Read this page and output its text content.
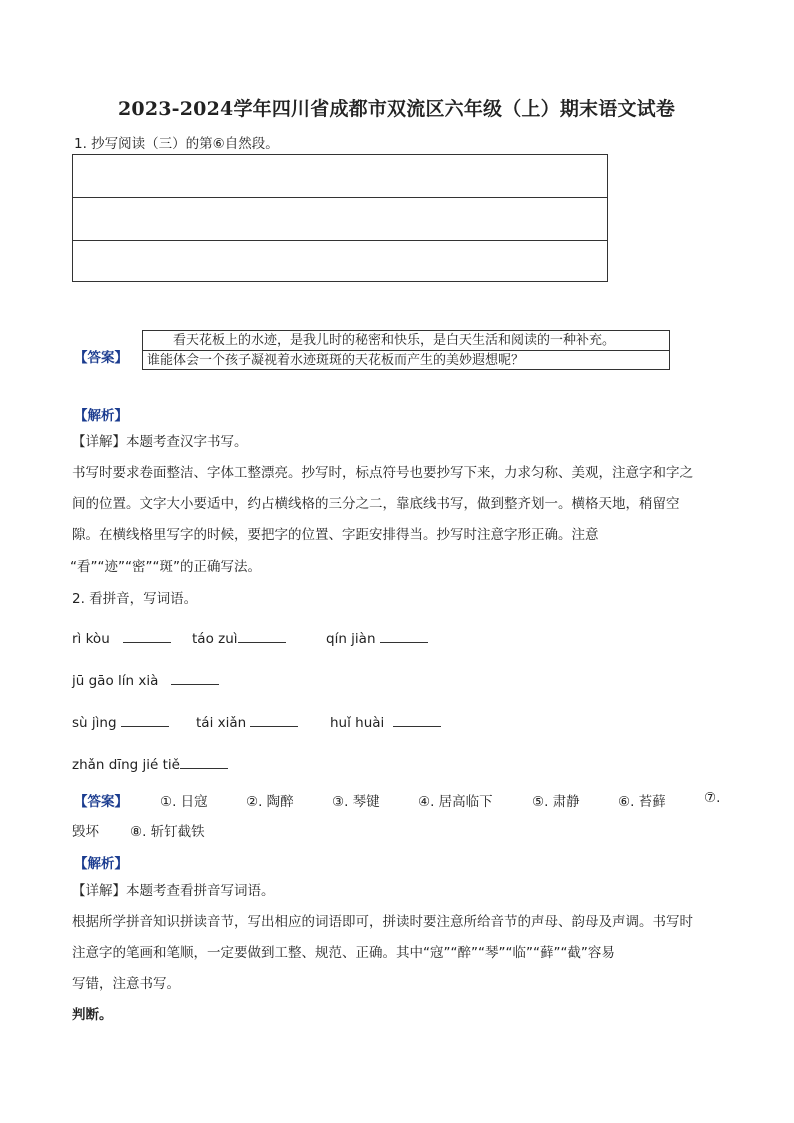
2023-2024学年四川省成都市双流区六年级（上）期末语文试卷
1. 抄写阅读（三）的第⑥自然段。
【答案】
　　看天花板上的水迹，是我儿时的秘密和快乐，是白天生活和阅读的一种补充。
谁能体会一个孩子凝视着水迹斑斑的天花板而产生的美妙遐想呢？
【解析】
【详解】本题考查汉字书写。
书写时要求卷面整洁、字体工整漂亮。抄写时，标点符号也要抄写下来，力求匀称、美观，注意字和字之
间的位置。文字大小要适中，约占横线格的三分之二，靠底线书写，做到整齐划一。横格天地，稍留空
隙。在横线格里写字的时候，要把字的位置、字距安排得当。抄写时注意字形正确。注意
“看”“迹”“密”“斑”的正确写法。
2. 看拼音，写词语。
rì kòu	táo zuì	qín jiàn
jū gāo lín xià
sù jìng	tái xiǎn	huǐ huài
zhǎn dīng jié tiě
【答案】 ①. 日寇	②. 陶醉	③. 琴键	④. 居高临下	⑤. 肃静	⑥. 苔藓	⑦.
毁坏 ⑧. 斩钉截铁
【解析】
【详解】本题考查看拼音写词语。
根据所学拼音知识拼读音节，写出相应的词语即可，拼读时要注意所给音节的声母、韵母及声调。书写时
注意字的笔画和笔顺，一定要做到工整、规范、正确。其中“寇”“醉”“琴”“临”“藓”“截”容易
写错，注意书写。
判断。
